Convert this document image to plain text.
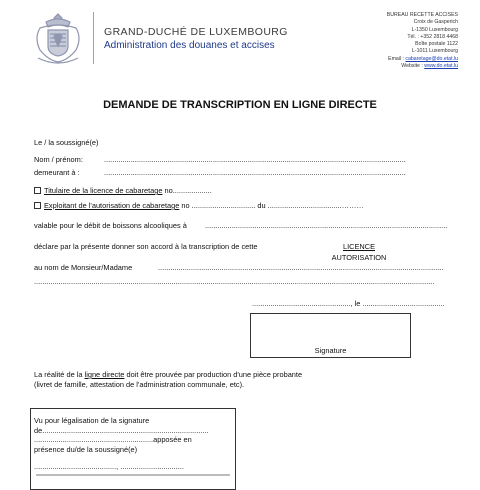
GRAND-DUCHÉ DE LUXEMBOURG
Administration des douanes et accises
BUREAU RECETTE ACCISES
Croix de Gasperich
L-1350 Luxembourg
Tél. : +352 2818 4468
Boîte postale 1122
L-1011 Luxembourg
Email : cabaretage@do.etat.lu
Website : www.do.etat.lu
DEMANDE DE TRANSCRIPTION EN LIGNE DIRECTE
Le / la soussigné(e)
Nom / prénom:	...................................................................................................................................................
demeurant à :	...................................................................................................................................................
Titulaire de la licence de cabaretage no...................
Exploitant de l'autorisation de cabaretage no ............................... du ....................................………
valable pour le débit de boissons alcooliques à ......................................................................................................................
déclare par la présente donner son accord à la transcription de cette	LICENCE
AUTORISATION
au nom de Monsieur/Madame	...........................................................................................................................................
...................................................................................................................................................................................................
................................................, le ........................................
Signature
La réalité de la ligne directe doit être prouvée par production d'une pièce probante
(livret de famille, attestation de l'administration communale, etc).
Vu pour légalisation de la signature
de.................................................................................
..........................................................apposée en
présence du/de la soussigné(e)
........................................, ...............................
